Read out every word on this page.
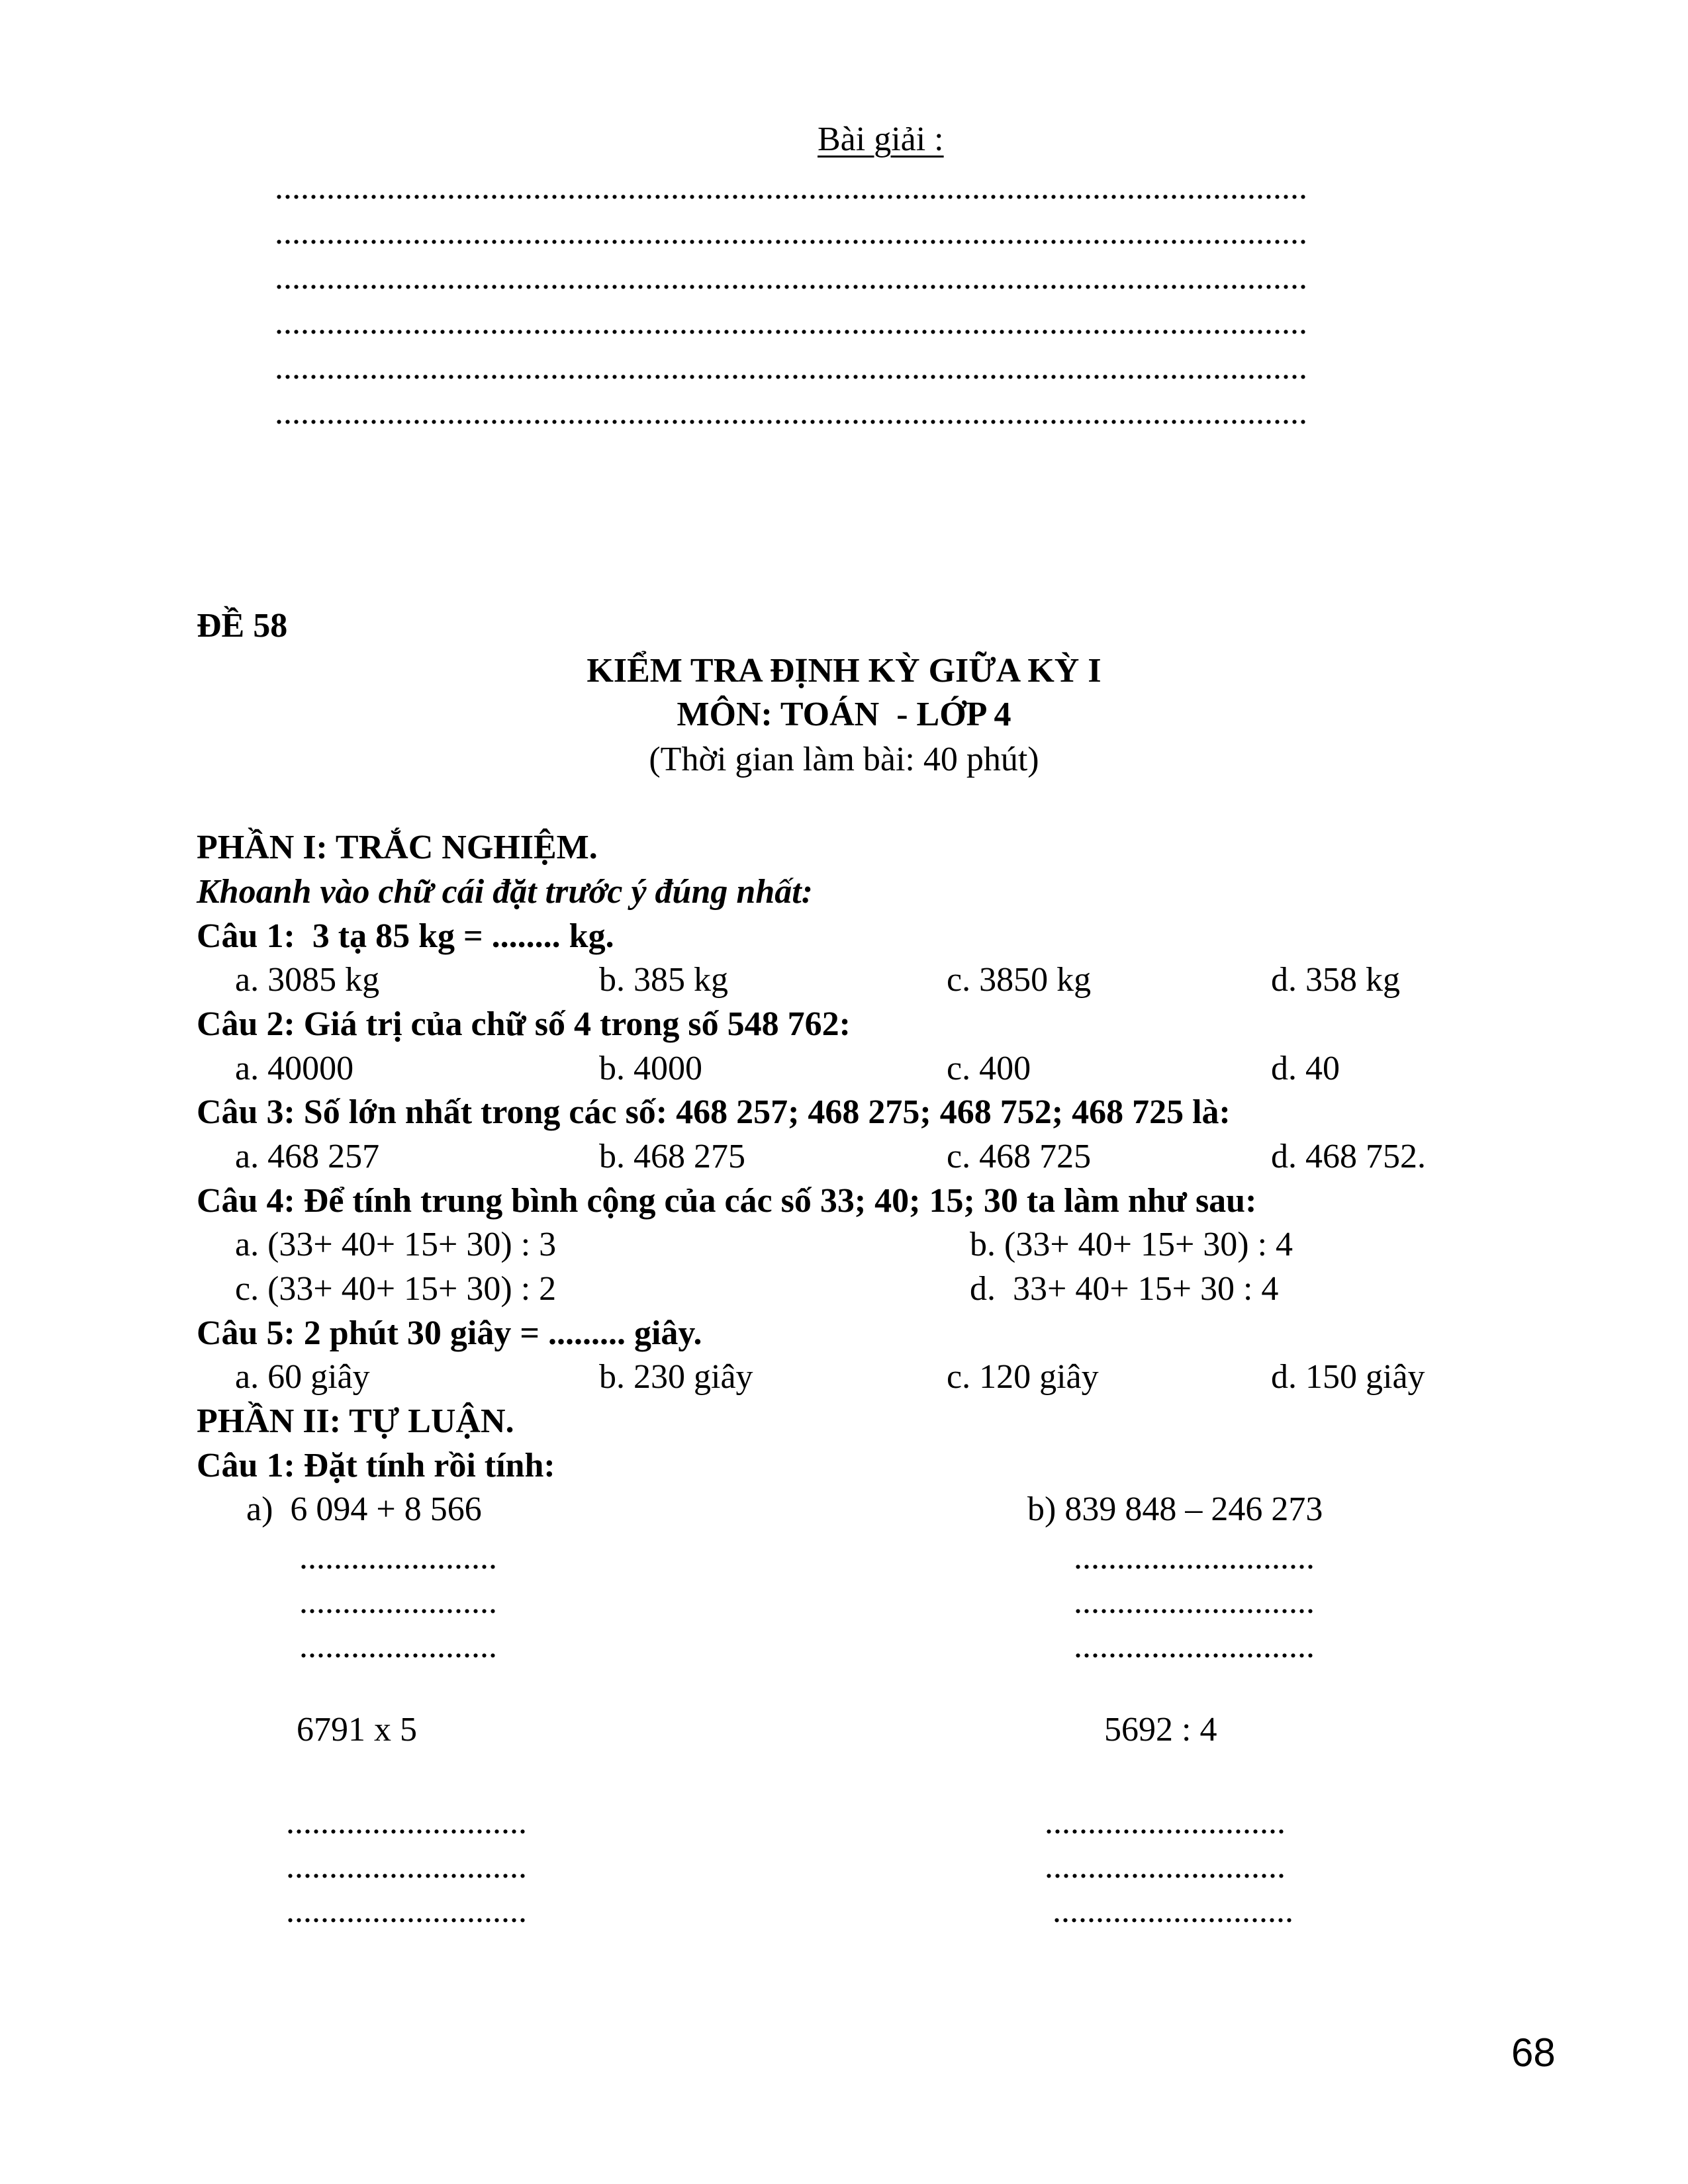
Bài giải :
........................................................................................................................
........................................................................................................................
........................................................................................................................
........................................................................................................................
........................................................................................................................
........................................................................................................................
ĐỀ 58
KIỂM TRA ĐỊNH KỲ GIỮA KỲ I
MÔN: TOÁN  - LỚP 4
(Thời gian làm bài: 40 phút)
PHẦN I: TRẮC NGHIỆM.
Khoanh vào chữ cái đặt trước ý đúng nhất:
Câu 1:  3 tạ 85 kg = ........ kg.
a. 3085 kg	b. 385 kg	c. 3850 kg	d. 358 kg
Câu 2: Giá trị của chữ số 4 trong số 548 762:
a. 40000	b. 4000	c. 400	d. 40
Câu 3: Số lớn nhất trong các số: 468 257; 468 275; 468 752; 468 725 là:
a. 468 257	b. 468 275	c. 468 725	d. 468 752.
Câu 4: Để tính trung bình cộng của các số 33; 40; 15; 30 ta làm như sau:
a. (33+ 40+ 15+ 30) : 3	b. (33+ 40+ 15+ 30) : 4
c. (33+ 40+ 15+ 30) : 2	d.  33+ 40+ 15+ 30 : 4
Câu 5: 2 phút 30 giây = ......... giây.
a. 60 giây	b. 230 giây	c. 120 giây	d. 150 giây
PHẦN II: TỰ LUẬN.
Câu 1: Đặt tính rồi tính:
a)  6 094 + 8 566	b) 839 848 – 246 273
.......................
.......................
.......................
............................
............................
............................
6791 x 5	5692 : 4
............................
............................
............................
............................
............................
............................
68
